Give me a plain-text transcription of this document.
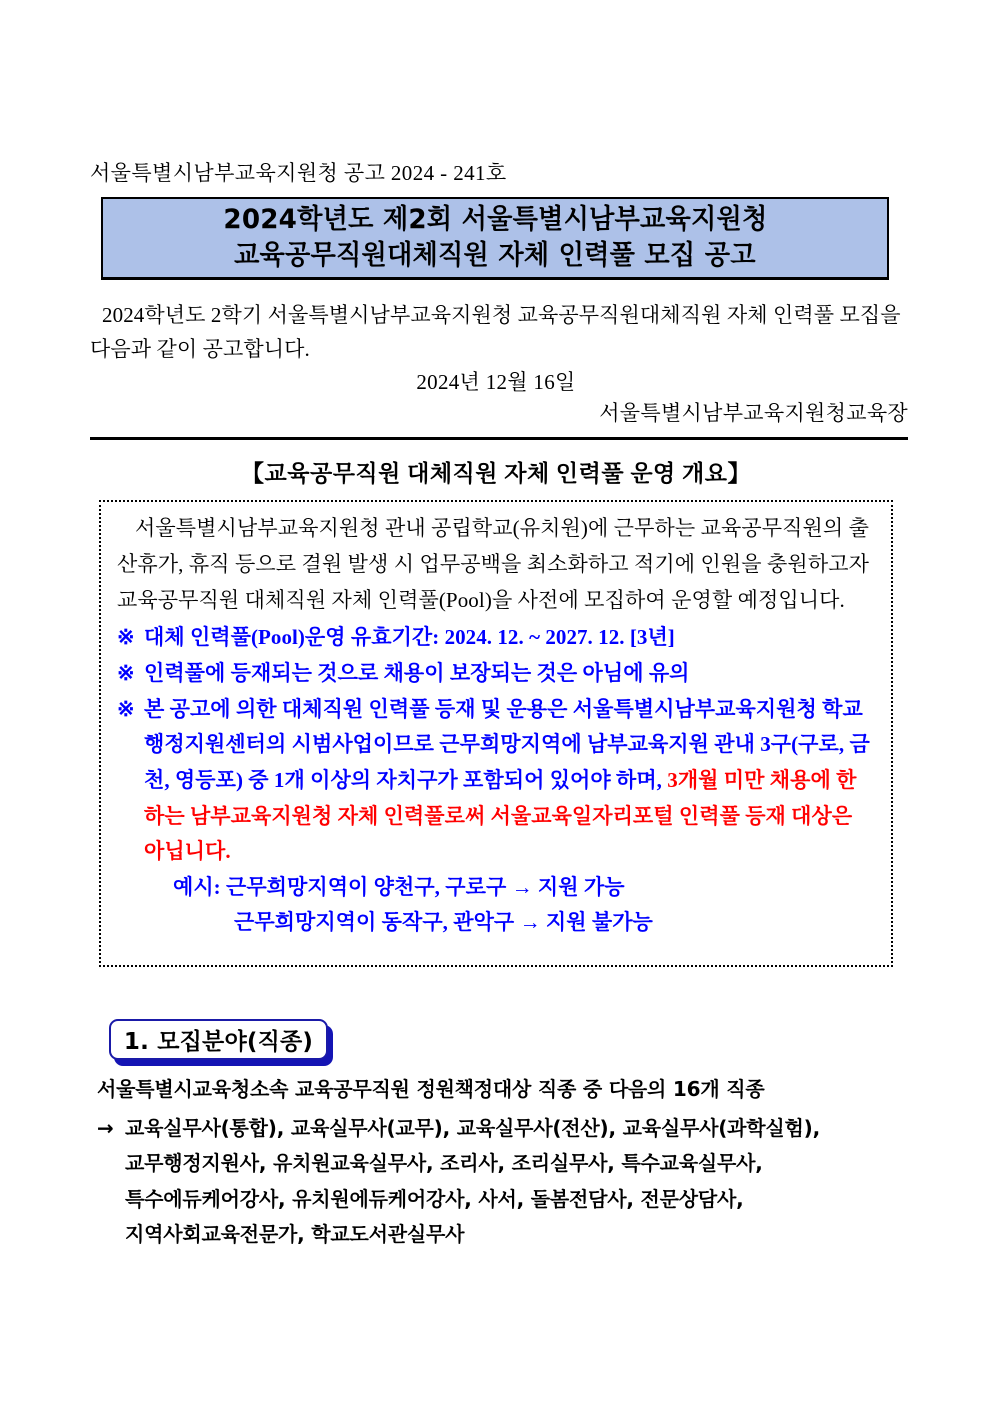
서울특별시남부교육지원청 공고 2024 - 241호
2024학년도 제2회 서울특별시남부교육지원청
교육공무직원대체직원 자체 인력풀 모집 공고
2024학년도 2학기 서울특별시남부교육지원청 교육공무직원대체직원 자체 인력풀 모집을 다음과 같이 공고합니다.
2024년 12월 16일
서울특별시남부교육지원청교육장
【교육공무직원 대체직원 자체 인력풀 운영 개요】

서울특별시남부교육지원청 관내 공립학교(유치원)에 근무하는 교육공무직원의 출산휴가, 휴직 등으로 결원 발생 시 업무공백을 최소화하고 적기에 인원을 충원하고자 교육공무직원 대체직원 자체 인력풀(Pool)을 사전에 모집하여 운영할 예정입니다.

※ 대체 인력풀(Pool)운영 유효기간: 2024. 12. ~ 2027. 12. [3년]
※ 인력풀에 등재되는 것으로 채용이 보장되는 것은 아님에 유의
※ 본 공고에 의한 대체직원 인력풀 등재 및 운용은 서울특별시남부교육지원청 학교행정지원센터의 시범사업이므로 근무희망지역에 남부교육지원 관내 3구(구로, 금천, 영등포) 중 1개 이상의 자치구가 포함되어 있어야 하며, 3개월 미만 채용에 한하는 남부교육지원청 자체 인력풀로써 서울교육일자리포털 인력풀 등재 대상은 아닙니다.

예시: 근무희망지역이 양천구, 구로구 → 지원 가능

근무희망지역이 동작구, 관악구 → 지원 불가능

1. 모집분야(직종)
서울특별시교육청소속 교육공무직원 정원책정대상 직종 중 다음의 16개 직종
→ 교육실무사(통합), 교육실무사(교무), 교육실무사(전산), 교육실무사(과학실험),
교무행정지원사, 유치원교육실무사, 조리사, 조리실무사, 특수교육실무사,
특수에듀케어강사, 유치원에듀케어강사, 사서, 돌봄전담사, 전문상담사,
지역사회교육전문가, 학교도서관실무사
